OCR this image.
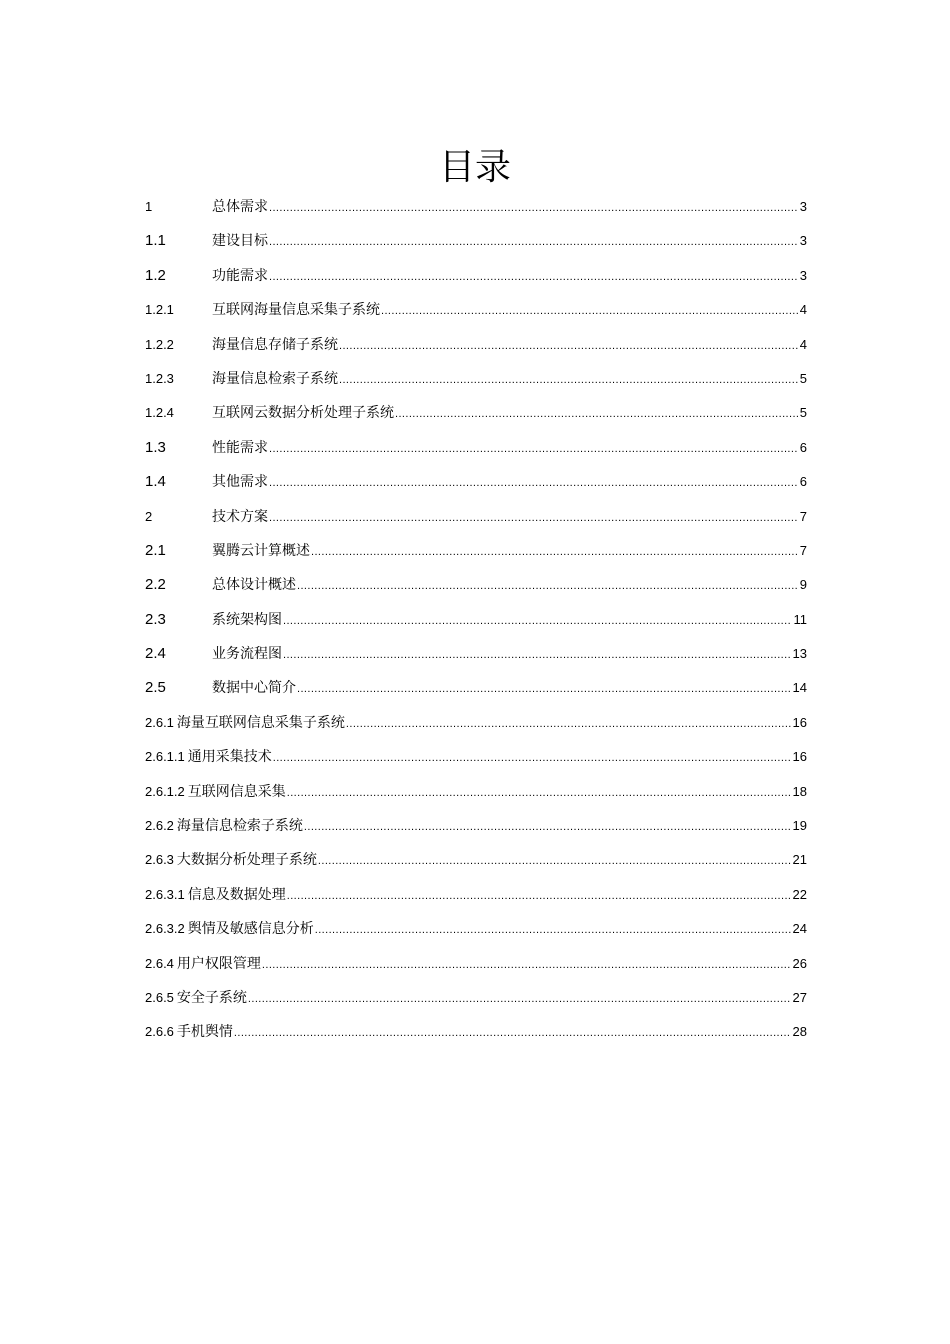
目录
1	总体需求 .....	3
1.1	建设目标 .....	3
1.2	功能需求 .....	3
1.2.1	互联网海量信息采集子系统 .....	4
1.2.2	海量信息存储子系统 .....	4
1.2.3	海量信息检索子系统 .....	5
1.2.4	互联网云数据分析处理子系统 .....	5
1.3	性能需求 .....	6
1.4	其他需求 .....	6
2	技术方案 .....	7
2.1	翼腾云计算概述 .....	7
2.2	总体设计概述 .....	9
2.3	系统架构图 .....	11
2.4	业务流程图 .....	13
2.5	数据中心简介 .....	14
2.6.1 海量互联网信息采集子系统 .....	16
2.6.1.1 通用采集技术 .....	16
2.6.1.2 互联网信息采集 .....	18
2.6.2 海量信息检索子系统 .....	19
2.6.3 大数据分析处理子系统 .....	21
2.6.3.1 信息及数据处理 .....	22
2.6.3.2 舆情及敏感信息分析 .....	24
2.6.4 用户权限管理 .....	26
2.6.5 安全子系统 .....	27
2.6.6 手机舆情 .....	28
